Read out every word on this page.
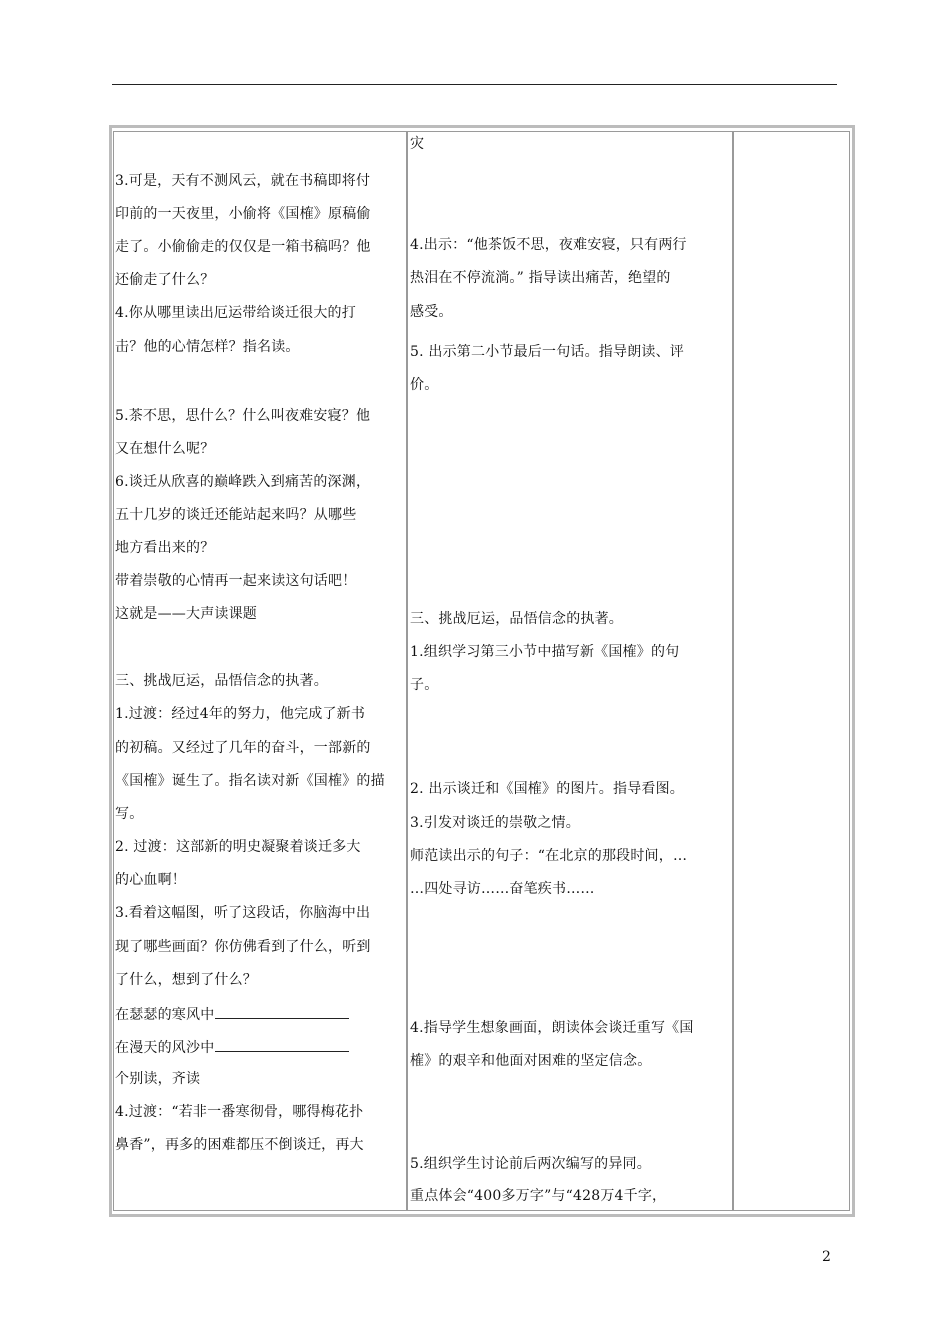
3.可是，天有不测风云，就在书稿即将付
印前的一天夜里，小偷将《国榷》原稿偷
走了。小偷偷走的仅仅是一箱书稿吗？他
还偷走了什么？
4.你从哪里读出厄运带给谈迁很大的打
击？他的心情怎样？指名读。
5.茶不思，思什么？什么叫夜难安寝？他
又在想什么呢？
6.谈迁从欣喜的巅峰跌入到痛苦的深渊，
五十几岁的谈迁还能站起来吗？从哪些
地方看出来的？
带着崇敬的心情再一起来读这句话吧！
这就是——大声读课题
三、挑战厄运，品悟信念的执著。
1.过渡：经过4年的努力，他完成了新书
的初稿。又经过了几年的奋斗，一部新的
《国榷》诞生了。指名读对新《国榷》的描
写。
2. 过渡：这部新的明史凝聚着谈迁多大
的心血啊！
3.看着这幅图，听了这段话，你脑海中出
现了哪些画面？你仿佛看到了什么，听到
了什么，想到了什么？
在瑟瑟的寒风中
在漫天的风沙中
个别读，齐读
4.过渡：“若非一番寒彻骨，哪得梅花扑
鼻香”，再多的困难都压不倒谈迁，再大
灾
4.出示：“他茶饭不思，夜难安寝，只有两行
热泪在不停流淌。” 指导读出痛苦，绝望的
感受。
5. 出示第二小节最后一句话。指导朗读、评
价。
三、挑战厄运，品悟信念的执著。
1.组织学习第三小节中描写新《国榷》的句
子。
2. 出示谈迁和《国榷》的图片。指导看图。
3.引发对谈迁的崇敬之情。
师范读出示的句子：“在北京的那段时间，…
…四处寻访……奋笔疾书……
4.指导学生想象画面，朗读体会谈迁重写《国
榷》的艰辛和他面对困难的坚定信念。
5.组织学生讨论前后两次编写的异同。
重点体会“400多万字”与“428万4千字，
2
